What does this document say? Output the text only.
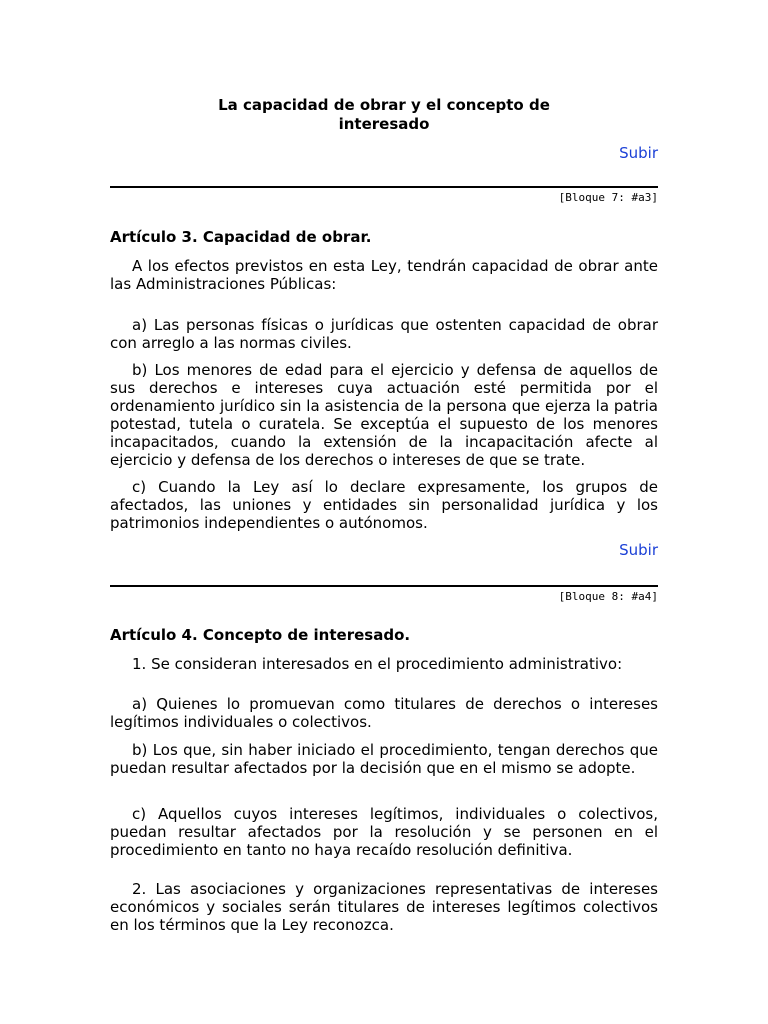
La capacidad de obrar y el concepto de
interesado
Subir
[Bloque 7: #a3]
Artículo 3. Capacidad de obrar.

A los efectos previstos en esta Ley, tendrán capacidad de obrar ante las Administraciones Públicas:

a) Las personas físicas o jurídicas que ostenten capacidad de obrar con arreglo a las normas civiles.

b) Los menores de edad para el ejercicio y defensa de aquellos de sus derechos e intereses cuya actuación esté permitida por el ordenamiento jurídico sin la asistencia de la persona que ejerza la patria potestad, tutela o curatela. Se exceptúa el supuesto de los menores incapacitados, cuando la extensión de la incapacitación afecte al ejercicio y defensa de los derechos o intereses de que se trate.

c) Cuando la Ley así lo declare expresamente, los grupos de afectados, las uniones y entidades sin personalidad jurídica y los patrimonios independientes o autónomos.

Subir
[Bloque 8: #a4]
Artículo 4. Concepto de interesado.

1. Se consideran interesados en el procedimiento administrativo:

a) Quienes lo promuevan como titulares de derechos o intereses legítimos individuales o colectivos.

b) Los que, sin haber iniciado el procedimiento, tengan derechos que puedan resultar afectados por la decisión que en el mismo se adopte.

c) Aquellos cuyos intereses legítimos, individuales o colectivos, puedan resultar afectados por la resolución y se personen en el procedimiento en tanto no haya recaído resolución definitiva.

2. Las asociaciones y organizaciones representativas de intereses económicos y sociales serán titulares de intereses legítimos colectivos en los términos que la Ley reconozca.
